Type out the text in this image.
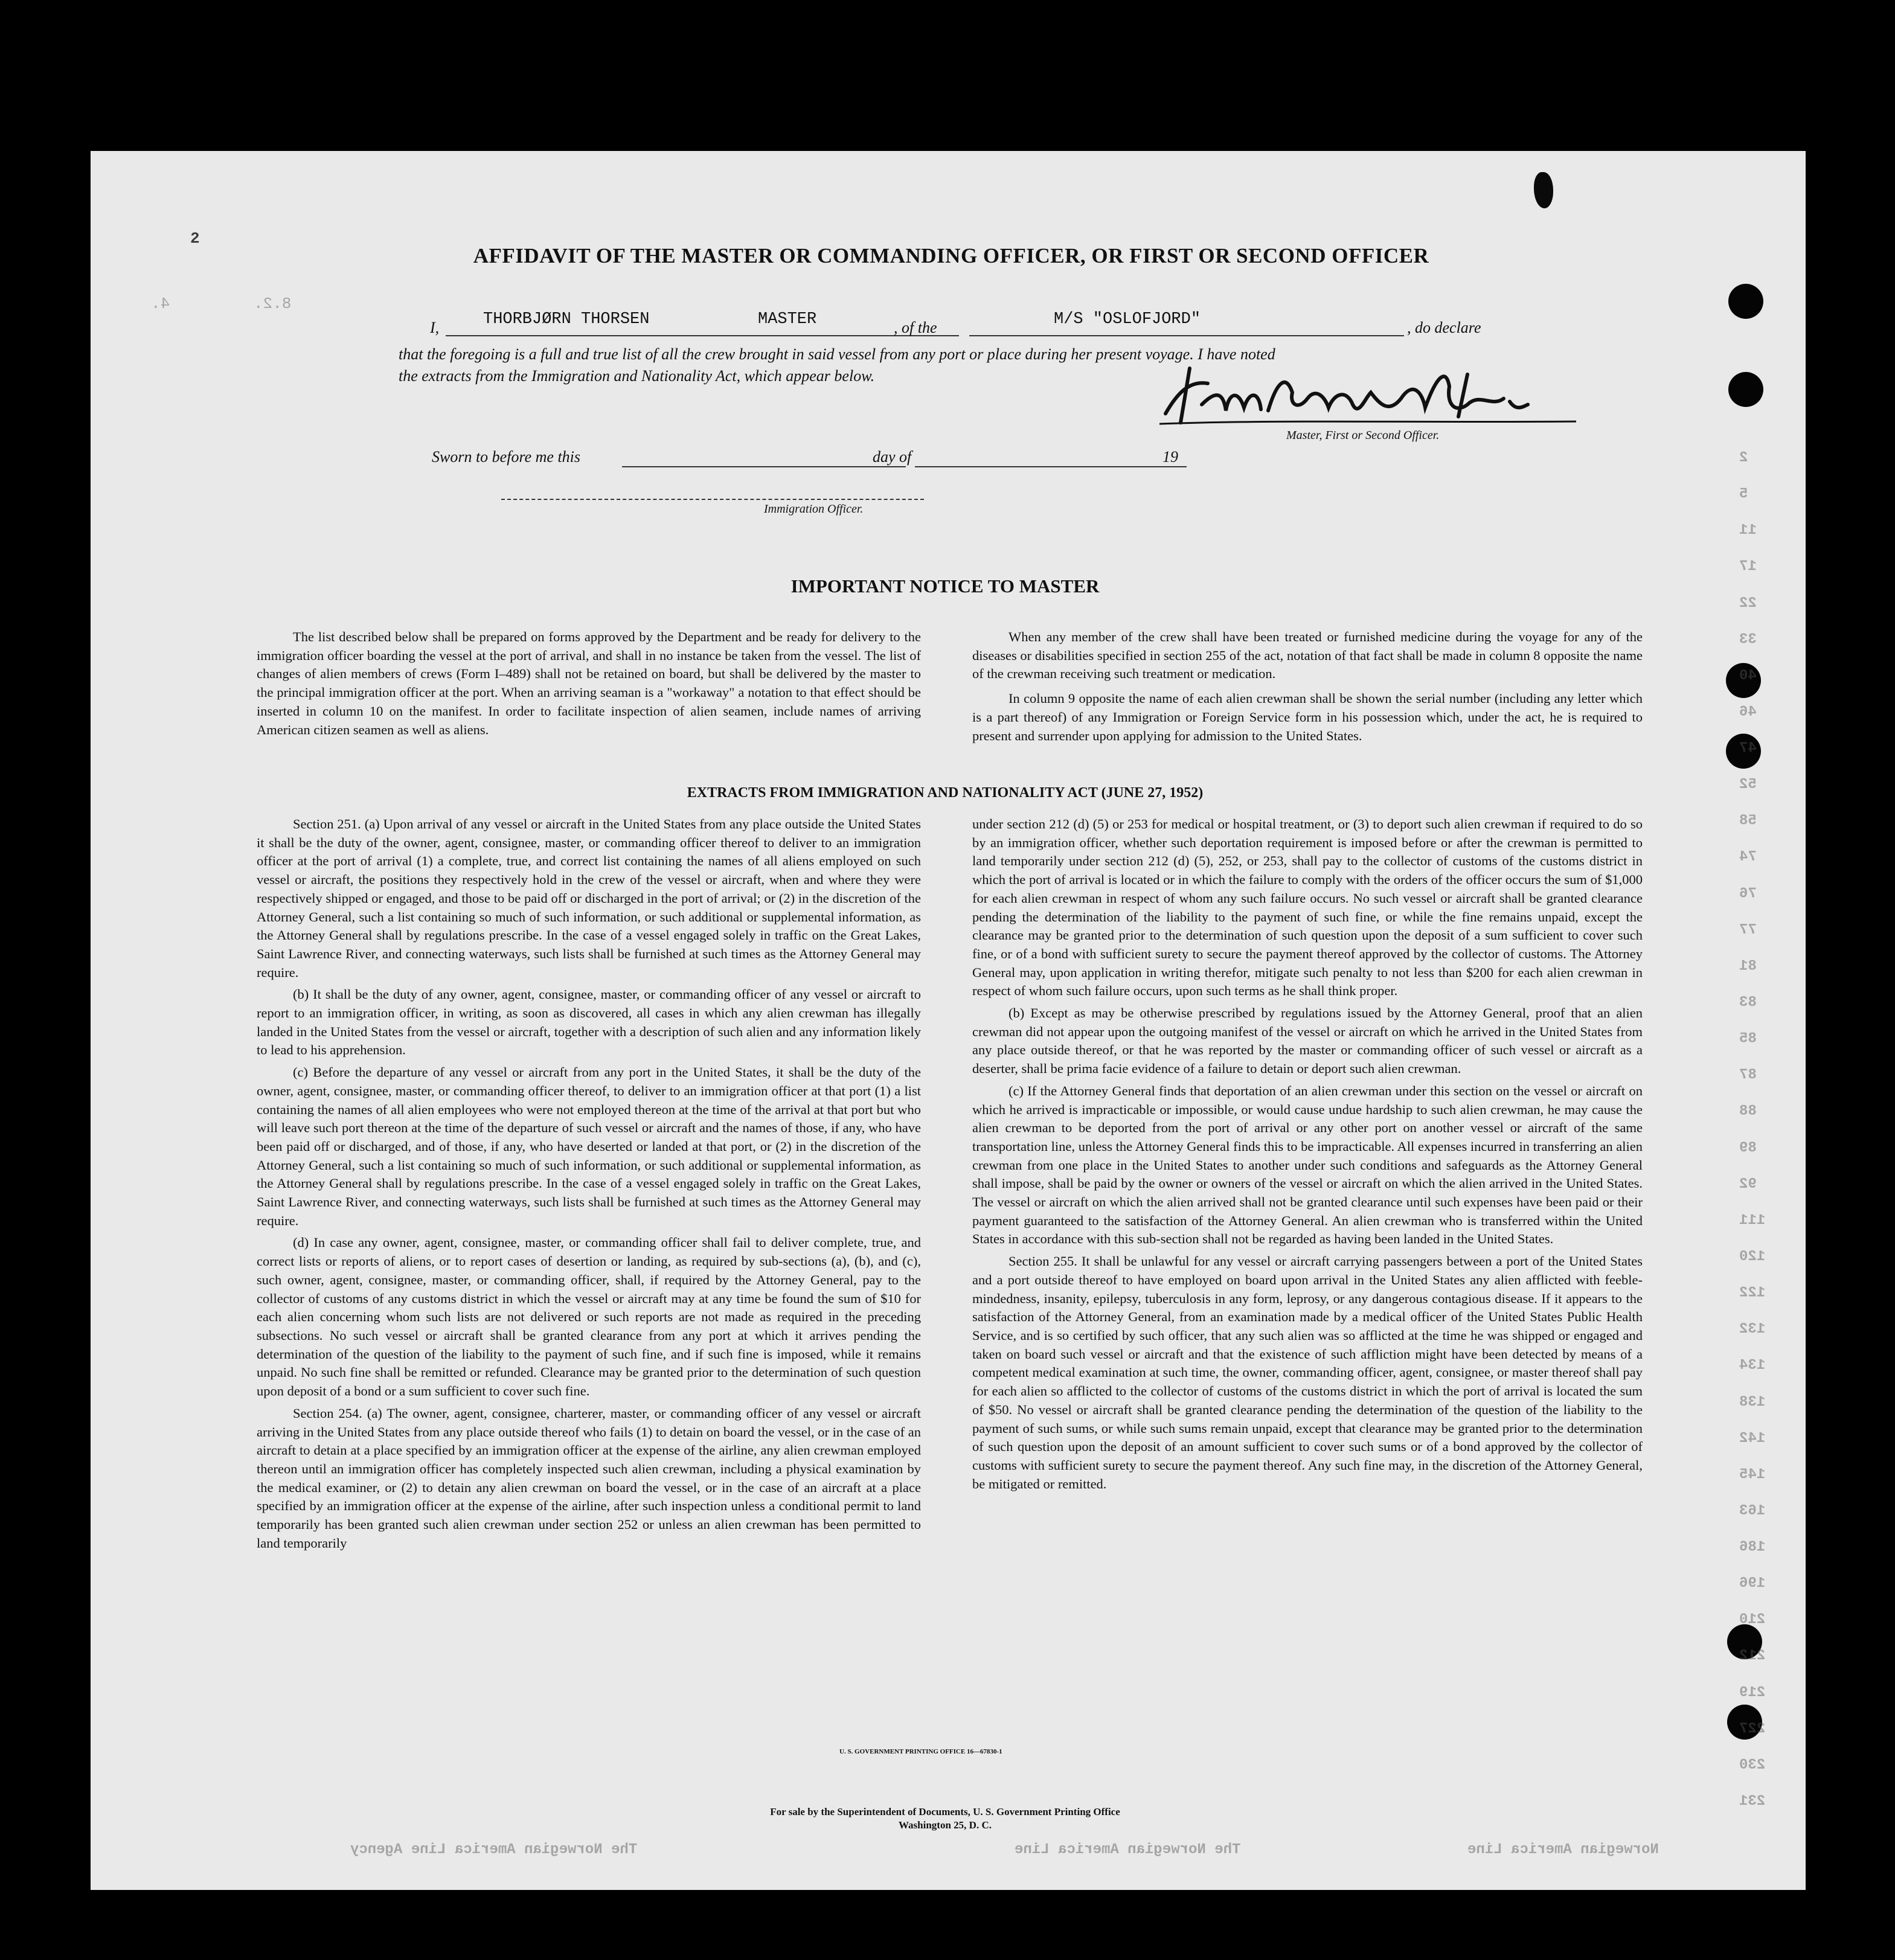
2
8.2.
4.
2
5
11
17
22
33
40
46
47
52
58
74
76
77
81
83
85
87
88
89
92
111
120
122
132
134
138
142
145
163
186
196
210
212
219
227
230
231
The Norwegian America Line Agency	The Norwegian America Line	Norwegian America Line
AFFIDAVIT OF THE MASTER OR COMMANDING OFFICER, OR FIRST OR SECOND OFFICER
I,	THORBJØRN THORSEN	MASTER	, of the	M/S "OSLOFJORD"	, do declare
that the foregoing is a full and true list of all the crew brought in said vessel from any port or place during her present voyage. I have noted
the extracts from the Immigration and Nationality Act, which appear below.
Master, First or Second Officer.
Sworn to before me this	day of	19
Immigration Officer.
IMPORTANT NOTICE TO MASTER

The list described below shall be prepared on forms approved by the Department and be ready for delivery to the immigration officer boarding the vessel at the port of arrival, and shall in no instance be taken from the vessel. The list of changes of alien members of crews (Form I–489) shall not be retained on board, but shall be delivered by the master to the principal immigration officer at the port. When an arriving seaman is a "workaway" a notation to that effect should be inserted in column 10 on the manifest. In order to facilitate inspection of alien seamen, include names of arriving American citizen seamen as well as aliens.

When any member of the crew shall have been treated or furnished medicine during the voyage for any of the diseases or disabilities specified in section 255 of the act, notation of that fact shall be made in column 8 opposite the name of the crewman receiving such treatment or medication.

In column 9 opposite the name of each alien crewman shall be shown the serial number (including any letter which is a part thereof) of any Immigration or Foreign Service form in his possession which, under the act, he is required to present and surrender upon applying for admission to the United States.

EXTRACTS FROM IMMIGRATION AND NATIONALITY ACT (JUNE 27, 1952)

Section 251. (a) Upon arrival of any vessel or aircraft in the United States from any place outside the United States it shall be the duty of the owner, agent, consignee, master, or commanding officer thereof to deliver to an immigration officer at the port of arrival (1) a complete, true, and correct list containing the names of all aliens employed on such vessel or aircraft, the positions they respectively hold in the crew of the vessel or aircraft, when and where they were respectively shipped or engaged, and those to be paid off or discharged in the port of arrival; or (2) in the discretion of the Attorney General, such a list containing so much of such information, or such additional or supplemental information, as the Attorney General shall by regulations prescribe. In the case of a vessel engaged solely in traffic on the Great Lakes, Saint Lawrence River, and connecting waterways, such lists shall be furnished at such times as the Attorney General may require.

(b) It shall be the duty of any owner, agent, consignee, master, or commanding officer of any vessel or aircraft to report to an immigration officer, in writing, as soon as discovered, all cases in which any alien crewman has illegally landed in the United States from the vessel or aircraft, together with a description of such alien and any information likely to lead to his apprehension.

(c) Before the departure of any vessel or aircraft from any port in the United States, it shall be the duty of the owner, agent, consignee, master, or commanding officer thereof, to deliver to an immigration officer at that port (1) a list containing the names of all alien employees who were not employed thereon at the time of the arrival at that port but who will leave such port thereon at the time of the departure of such vessel or aircraft and the names of those, if any, who have been paid off or discharged, and of those, if any, who have deserted or landed at that port, or (2) in the discretion of the Attorney General, such a list containing so much of such information, or such additional or supplemental information, as the Attorney General shall by regulations prescribe. In the case of a vessel engaged solely in traffic on the Great Lakes, Saint Lawrence River, and connecting waterways, such lists shall be furnished at such times as the Attorney General may require.

(d) In case any owner, agent, consignee, master, or commanding officer shall fail to deliver complete, true, and correct lists or reports of aliens, or to report cases of desertion or landing, as required by sub-sections (a), (b), and (c), such owner, agent, consignee, master, or commanding officer, shall, if required by the Attorney General, pay to the collector of customs of any customs district in which the vessel or aircraft may at any time be found the sum of $10 for each alien concerning whom such lists are not delivered or such reports are not made as required in the preceding subsections. No such vessel or aircraft shall be granted clearance from any port at which it arrives pending the determination of the question of the liability to the payment of such fine, and if such fine is imposed, while it remains unpaid. No such fine shall be remitted or refunded. Clearance may be granted prior to the determination of such question upon deposit of a bond or a sum sufficient to cover such fine.

Section 254. (a) The owner, agent, consignee, charterer, master, or commanding officer of any vessel or aircraft arriving in the United States from any place outside thereof who fails (1) to detain on board the vessel, or in the case of an aircraft to detain at a place specified by an immigration officer at the expense of the airline, any alien crewman employed thereon until an immigration officer has completely inspected such alien crewman, including a physical examination by the medical examiner, or (2) to detain any alien crewman on board the vessel, or in the case of an aircraft at a place specified by an immigration officer at the expense of the airline, after such inspection unless a conditional permit to land temporarily has been granted such alien crewman under section 252 or unless an alien crewman has been permitted to land temporarily

under section 212 (d) (5) or 253 for medical or hospital treatment, or (3) to deport such alien crewman if required to do so by an immigration officer, whether such deportation requirement is imposed before or after the crewman is permitted to land temporarily under section 212 (d) (5), 252, or 253, shall pay to the collector of customs of the customs district in which the port of arrival is located or in which the failure to comply with the orders of the officer occurs the sum of $1,000 for each alien crewman in respect of whom any such failure occurs. No such vessel or aircraft shall be granted clearance pending the determination of the liability to the payment of such fine, or while the fine remains unpaid, except the clearance may be granted prior to the determination of such question upon the deposit of a sum sufficient to cover such fine, or of a bond with sufficient surety to secure the payment thereof approved by the collector of customs. The Attorney General may, upon application in writing therefor, mitigate such penalty to not less than $200 for each alien crewman in respect of whom such failure occurs, upon such terms as he shall think proper.

(b) Except as may be otherwise prescribed by regulations issued by the Attorney General, proof that an alien crewman did not appear upon the outgoing manifest of the vessel or aircraft on which he arrived in the United States from any place outside thereof, or that he was reported by the master or commanding officer of such vessel or aircraft as a deserter, shall be prima facie evidence of a failure to detain or deport such alien crewman.

(c) If the Attorney General finds that deportation of an alien crewman under this section on the vessel or aircraft on which he arrived is impracticable or impossible, or would cause undue hardship to such alien crewman, he may cause the alien crewman to be deported from the port of arrival or any other port on another vessel or aircraft of the same transportation line, unless the Attorney General finds this to be impracticable. All expenses incurred in transferring an alien crewman from one place in the United States to another under such conditions and safeguards as the Attorney General shall impose, shall be paid by the owner or owners of the vessel or aircraft on which the alien arrived in the United States. The vessel or aircraft on which the alien arrived shall not be granted clearance until such expenses have been paid or their payment guaranteed to the satisfaction of the Attorney General. An alien crewman who is transferred within the United States in accordance with this sub-section shall not be regarded as having been landed in the United States.

Section 255. It shall be unlawful for any vessel or aircraft carrying passengers between a port of the United States and a port outside thereof to have employed on board upon arrival in the United States any alien afflicted with feeble-mindedness, insanity, epilepsy, tuberculosis in any form, leprosy, or any dangerous contagious disease. If it appears to the satisfaction of the Attorney General, from an examination made by a medical officer of the United States Public Health Service, and is so certified by such officer, that any such alien was so afflicted at the time he was shipped or engaged and taken on board such vessel or aircraft and that the existence of such affliction might have been detected by means of a competent medical examination at such time, the owner, commanding officer, agent, consignee, or master thereof shall pay for each alien so afflicted to the collector of customs of the customs district in which the port of arrival is located the sum of $50. No vessel or aircraft shall be granted clearance pending the determination of the question of the liability to the payment of such sums, or while such sums remain unpaid, except that clearance may be granted prior to the determination of such question upon the deposit of an amount sufficient to cover such sums or of a bond approved by the collector of customs with sufficient surety to secure the payment thereof. Any such fine may, in the discretion of the Attorney General, be mitigated or remitted.

U. S. GOVERNMENT PRINTING OFFICE 16—67830-1
For sale by the Superintendent of Documents, U. S. Government Printing Office
Washington 25, D. C.
